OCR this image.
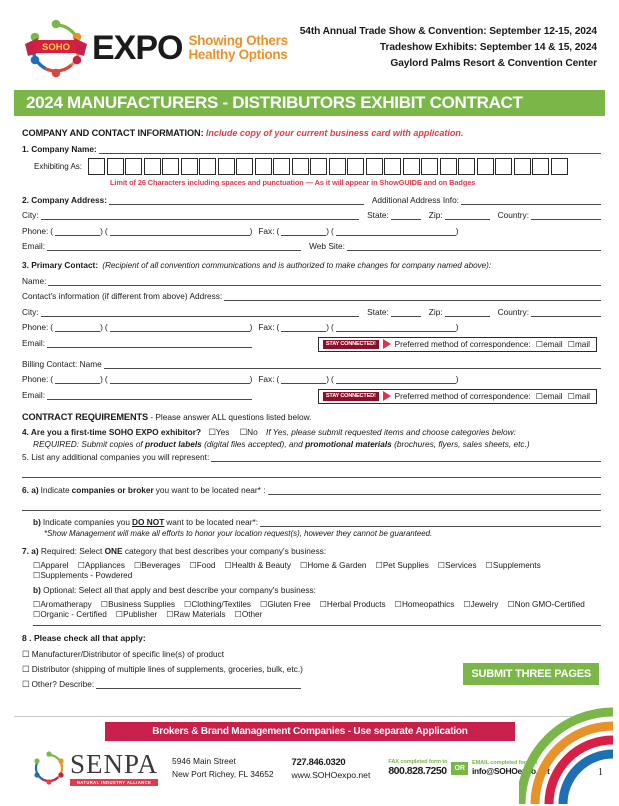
SOHO EXPO Showing Others
Healthy Options
54th Annual Trade Show & Convention: September 12-15, 2024
Tradeshow Exhibits: September 14 & 15, 2024
Gaylord Palms Resort & Convention Center
2024 MANUFACTURERS - DISTRIBUTORS EXHIBIT CONTRACT
COMPANY AND CONTACT INFORMATION: Include copy of your current business card with application.
1. Company Name:
Exhibiting As:
Limit of 26 Characters including spaces and punctuation — As it will appear in ShowGUIDE and on Badges
2. Company Address:	Additional Address Info:
City:	State:	Zip:	Country:
Phone: (	) (	) Fax: (	) (	)
Email:	Web Site:
3. Primary Contact: (Recipient of all convention communications and is authorized to make changes for company named above):
Name:
Contact's information (if different from above) Address:
City:	State:	Zip:	Country:
Phone: (	) (	) Fax: (	) (	)
Email:	STAY CONNECTED!	Preferred method of correspondence: ☐email ☐mail
Billing Contact: Name
Phone: (	) (	) Fax: (	) (	)
Email:	STAY CONNECTED!	Preferred method of correspondence: ☐email ☐mail
CONTRACT REQUIREMENTS - Please answer ALL questions listed below.
4. Are you a first-time SOHO EXPO exhibitor? ☐Yes ☐No If Yes, please submit requested items and choose categories below:
REQUIRED: Submit copies of product labels (digital files accepted), and promotional materials (brochures, flyers, sales sheets, etc.)
5. List any additional companies you will represent:
6. a) Indicate companies or broker you want to be located near* :
b) Indicate companies you DO NOT want to be located near*:
*Show Management will make all efforts to honor your location request(s), however they cannot be guaranteed.
7. a) Required: Select ONE category that best describes your company's business:
☐Apparel ☐Appliances ☐Beverages ☐Food ☐Health & Beauty ☐Home & Garden ☐Pet Supplies ☐Services ☐Supplements
☐Supplements - Powdered
b) Optional: Select all that apply and best describe your company's business:
☐Aromatherapy ☐Business Supplies ☐Clothing/Textiles ☐Gluten Free ☐Herbal Products ☐Homeopathics ☐Jewelry ☐Non GMO-Certified
☐Organic - Certified ☐Publisher ☐Raw Materials ☐Other
8 . Please check all that apply:
☐ Manufacturer/Distributor of specific line(s) of product
☐ Distributor (shipping of multiple lines of supplements, groceries, bulk, etc.)
☐ Other? Describe:
SUBMIT THREE PAGES
Brokers & Brand Management Companies - Use separate Application
SENPA
NATURAL INDUSTRY ALLIANCE
5946 Main Street
New Port Richey, FL 34652
727.846.0320
www.SOHOexpo.net
FAX completed form to
800.828.7250	OR
EMAIL completed form to
info@SOHOexpo.net	1
